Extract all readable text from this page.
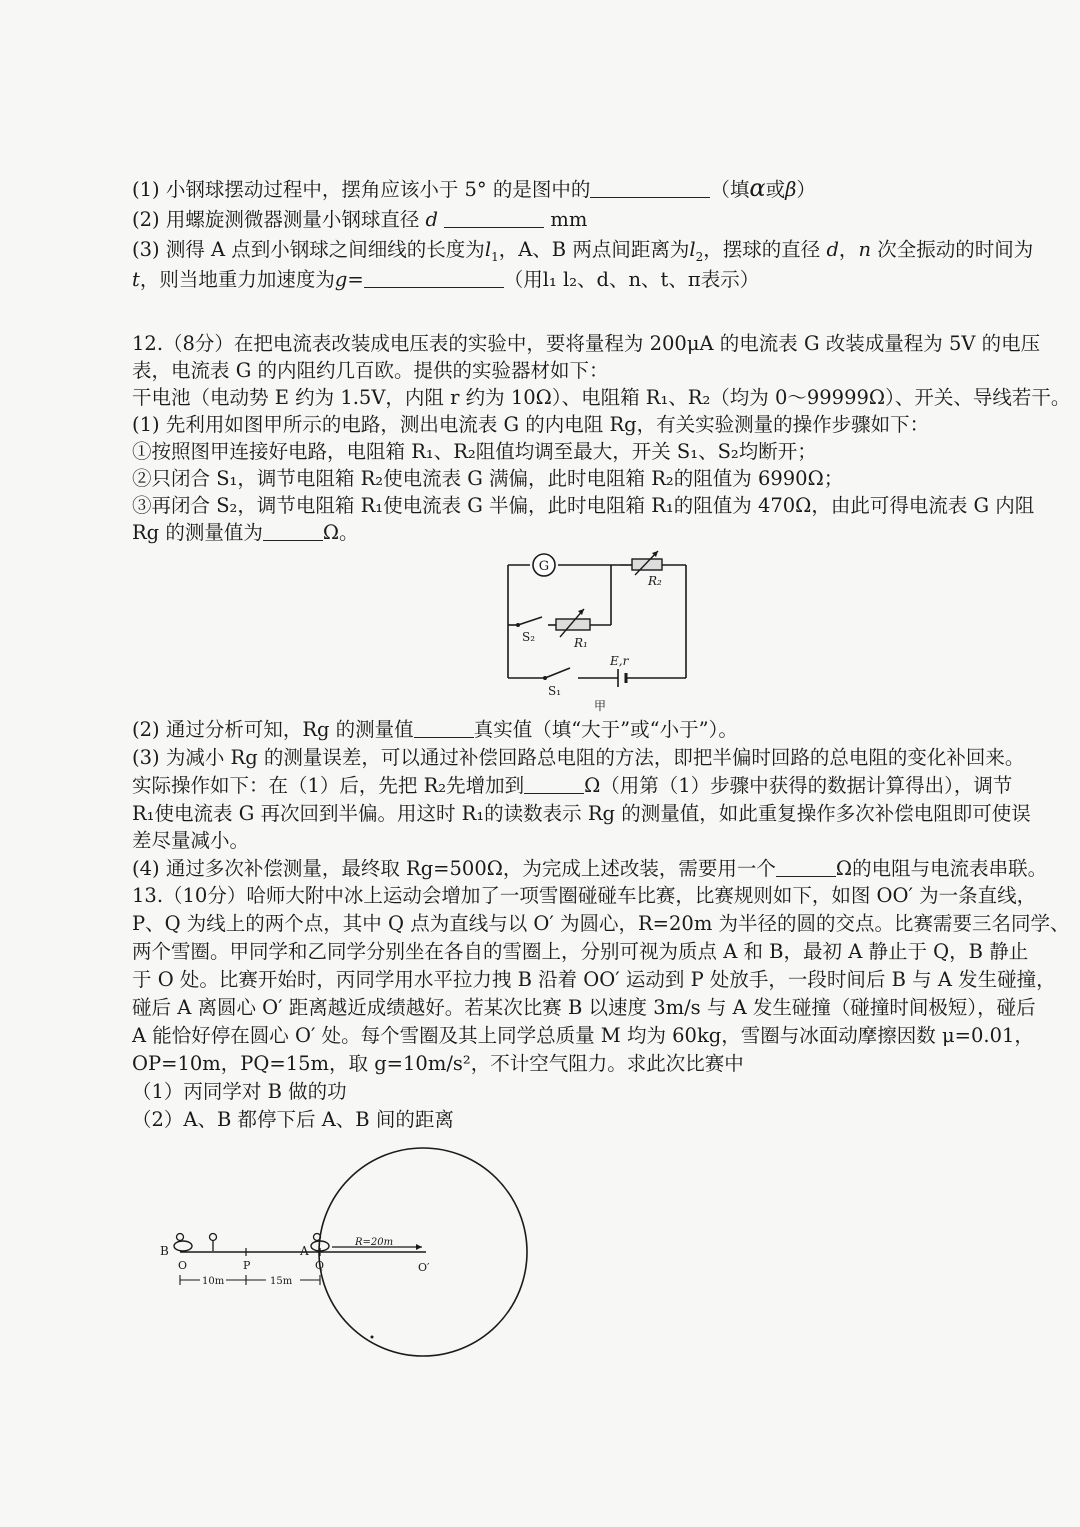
(1) 小钢球摆动过程中，摆角应该小于 5° 的是图中的	（填α或β）
(2) 用螺旋测微器测量小钢球直径 d	mm
(3) 测得 A 点到小钢球之间细线的长度为$l_1$，A、B 两点间距离为$l_2$，摆球的直径 d，n 次全振动的时间为
t，则当地重力加速度为g=	（用l₁ l₂、d、n、t、π表示）
12.（8分）在把电流表改装成电压表的实验中，要将量程为 200μA 的电流表 G 改装成量程为 5V 的电压
表，电流表 G 的内阻约几百欧。提供的实验器材如下：
干电池（电动势 E 约为 1.5V，内阻 r 约为 10Ω）、电阻箱 R₁、R₂（均为 0～99999Ω）、开关、导线若干。
(1) 先利用如图甲所示的电路，测出电流表 G 的内电阻 Rg，有关实验测量的操作步骤如下：
①按照图甲连接好电路，电阻箱 R₁、R₂阻值均调至最大，开关 S₁、S₂均断开；
②只闭合 S₁，调节电阻箱 R₂使电流表 G 满偏，此时电阻箱 R₂的阻值为 6990Ω；
③再闭合 S₂，调节电阻箱 R₁使电流表 G 半偏，此时电阻箱 R₁的阻值为 470Ω，由此可得电流表 G 内阻
Rg 的测量值为	Ω。
G
R₂
R₁
S₂
S₁
E,r
甲
(2) 通过分析可知，Rg 的测量值	真实值（填“大于”或“小于”）。
(3) 为减小 Rg 的测量误差，可以通过补偿回路总电阻的方法，即把半偏时回路的总电阻的变化补回来。
实际操作如下：在（1）后，先把 R₂先增加到	Ω（用第（1）步骤中获得的数据计算得出），调节
R₁使电流表 G 再次回到半偏。用这时 R₁的读数表示 Rg 的测量值，如此重复操作多次补偿电阻即可使误
差尽量减小。
(4) 通过多次补偿测量，最终取 Rg=500Ω，为完成上述改装，需要用一个	Ω的电阻与电流表串联。
13.（10分）哈师大附中冰上运动会增加了一项雪圈碰碰车比赛，比赛规则如下，如图 OO′ 为一条直线，
P、Q 为线上的两个点，其中 Q 点为直线与以 O′ 为圆心，R=20m 为半径的圆的交点。比赛需要三名同学、
两个雪圈。甲同学和乙同学分别坐在各自的雪圈上，分别可视为质点 A 和 B，最初 A 静止于 Q，B 静止
于 O 处。比赛开始时，丙同学用水平拉力拽 B 沿着 OO′ 运动到 P 处放手，一段时间后 B 与 A 发生碰撞，
碰后 A 离圆心 O′ 距离越近成绩越好。若某次比赛 B 以速度 3m/s 与 A 发生碰撞（碰撞时间极短），碰后
A 能恰好停在圆心 O′ 处。每个雪圈及其上同学总质量 M 均为 60kg，雪圈与冰面动摩擦因数 μ=0.01，
OP=10m，PQ=15m，取 g=10m/s²，不计空气阻力。求此次比赛中
（1）丙同学对 B 做的功
（2）A、B 都停下后 A、B 间的距离
R=20m
B	A
O	P	Q	O′
10m	15m
